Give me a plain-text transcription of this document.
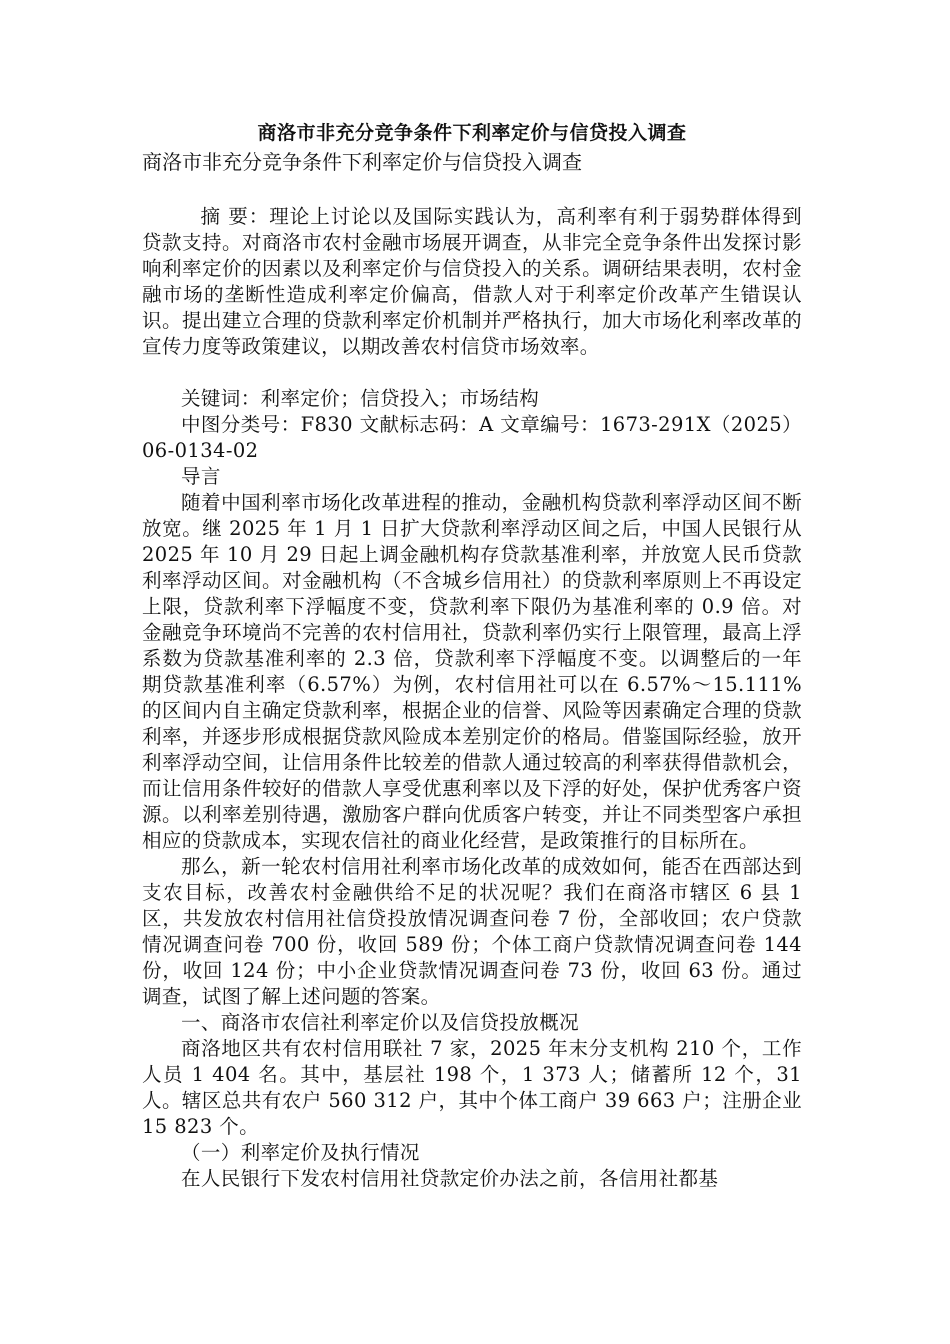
商洛市非充分竞争条件下利率定价与信贷投入调查

商洛市非充分竞争条件下利率定价与信贷投入调查

摘 要：理论上讨论以及国际实践认为，高利率有利于弱势群体得到贷款支持。对商洛市农村金融市场展开调查，从非完全竞争条件出发探讨影响利率定价的因素以及利率定价与信贷投入的关系。调研结果表明，农村金融市场的垄断性造成利率定价偏高，借款人对于利率定价改革产生错误认识。提出建立合理的贷款利率定价机制并严格执行，加大市场化利率改革的宣传力度等政策建议，以期改善农村信贷市场效率。

关键词：利率定价；信贷投入；市场结构

中图分类号：F830 文献标志码：A 文章编号：1673-291X（2025）06-0134-02

导言

随着中国利率市场化改革进程的推动，金融机构贷款利率浮动区间不断放宽。继 2025 年 1 月 1 日扩大贷款利率浮动区间之后，中国人民银行从 2025 年 10 月 29 日起上调金融机构存贷款基准利率，并放宽人民币贷款利率浮动区间。对金融机构（不含城乡信用社）的贷款利率原则上不再设定上限，贷款利率下浮幅度不变，贷款利率下限仍为基准利率的 0.9 倍。对金融竞争环境尚不完善的农村信用社，贷款利率仍实行上限管理，最高上浮系数为贷款基准利率的 2.3 倍，贷款利率下浮幅度不变。以调整后的一年期贷款基准利率（6.57%）为例，农村信用社可以在 6.57%～15.111%的区间内自主确定贷款利率，根据企业的信誉、风险等因素确定合理的贷款利率，并逐步形成根据贷款风险成本差别定价的格局。借鉴国际经验，放开利率浮动空间，让信用条件比较差的借款人通过较高的利率获得借款机会，而让信用条件较好的借款人享受优惠利率以及下浮的好处，保护优秀客户资源。以利率差别待遇，激励客户群向优质客户转变，并让不同类型客户承担相应的贷款成本，实现农信社的商业化经营，是政策推行的目标所在。

那么，新一轮农村信用社利率市场化改革的成效如何，能否在西部达到支农目标，改善农村金融供给不足的状况呢？我们在商洛市辖区 6 县 1 区，共发放农村信用社信贷投放情况调查问卷 7 份，全部收回；农户贷款情况调查问卷 700 份，收回 589 份；个体工商户贷款情况调查问卷 144 份，收回 124 份；中小企业贷款情况调查问卷 73 份，收回 63 份。通过调查，试图了解上述问题的答案。

一、商洛市农信社利率定价以及信贷投放概况

商洛地区共有农村信用联社 7 家，2025 年末分支机构 210 个，工作人员 1 404 名。其中，基层社 198 个，1 373 人；储蓄所 12 个，31 人。辖区总共有农户 560 312 户，其中个体工商户 39 663 户；注册企业 15 823 个。

（一）利率定价及执行情况

在人民银行下发农村信用社贷款定价办法之前，各信用社都基
